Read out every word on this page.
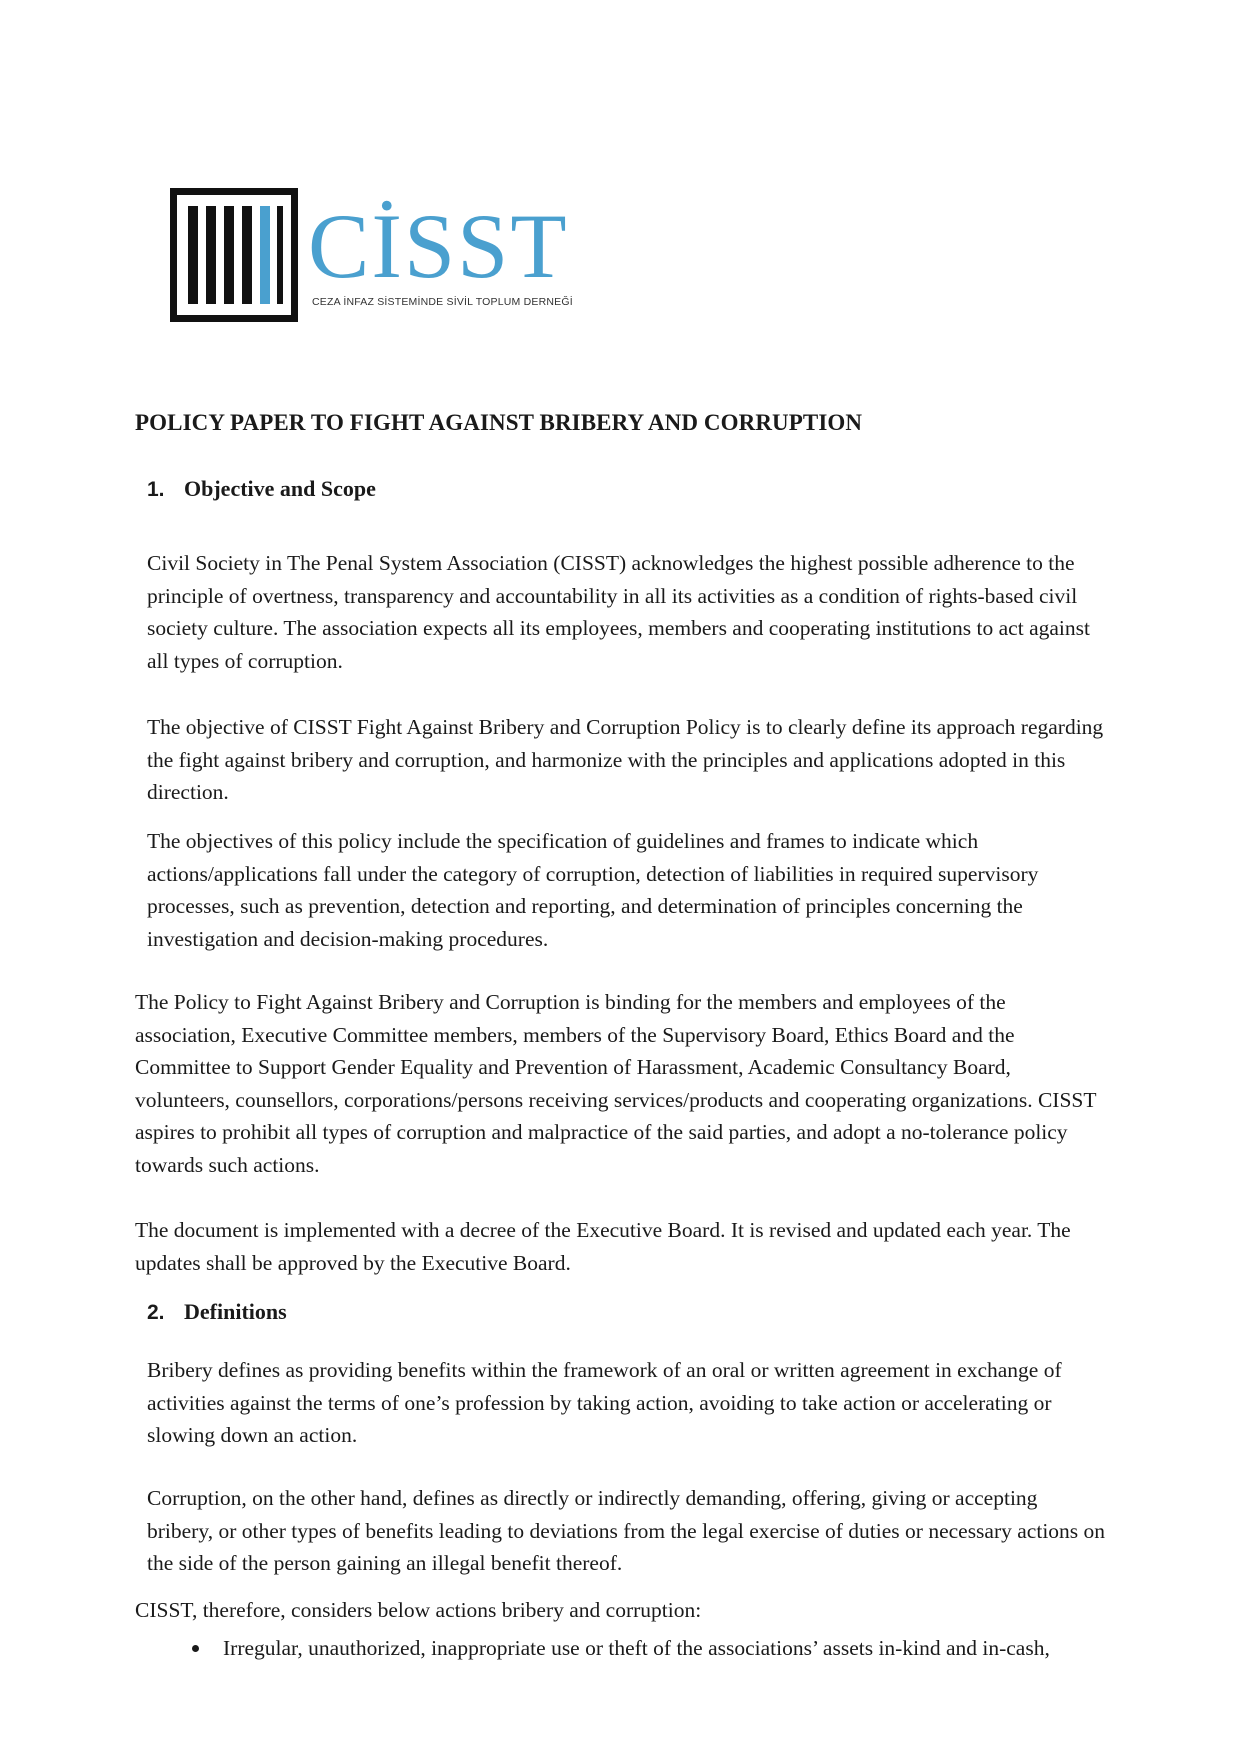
CİSST
CEZA İNFAZ SİSTEMİNDE SİVİL TOPLUM DERNEĞİ
POLICY PAPER TO FIGHT AGAINST BRIBERY AND CORRUPTION
1. Objective and Scope

Civil Society in The Penal System Association (CISST) acknowledges the highest possible adherence to the principle of overtness, transparency and accountability in all its activities as a condition of rights-based civil society culture. The association expects all its employees, members and cooperating institutions to act against all types of corruption.

The objective of CISST Fight Against Bribery and Corruption Policy is to clearly define its approach regarding the fight against bribery and corruption, and harmonize with the principles and applications adopted in this direction.

The objectives of this policy include the specification of guidelines and frames to indicate which actions/applications fall under the category of corruption, detection of liabilities in required supervisory processes, such as prevention, detection and reporting, and determination of principles concerning the investigation and decision-making procedures.

The Policy to Fight Against Bribery and Corruption is binding for the members and employees of the association, Executive Committee members, members of the Supervisory Board, Ethics Board and the Committee to Support Gender Equality and Prevention of Harassment, Academic Consultancy Board, volunteers, counsellors, corporations/persons receiving services/products and cooperating organizations. CISST aspires to prohibit all types of corruption and malpractice of the said parties, and adopt a no-tolerance policy towards such actions.

The document is implemented with a decree of the Executive Board. It is revised and updated each year. The updates shall be approved by the Executive Board.

2. Definitions

Bribery defines as providing benefits within the framework of an oral or written agreement in exchange of activities against the terms of one’s profession by taking action, avoiding to take action or accelerating or slowing down an action.

Corruption, on the other hand, defines as directly or indirectly demanding, offering, giving or accepting bribery, or other types of benefits leading to deviations from the legal exercise of duties or necessary actions on the side of the person gaining an illegal benefit thereof.

CISST, therefore, considers below actions bribery and corruption:

Irregular, unauthorized, inappropriate use or theft of the associations’ assets in-kind and in-cash,
